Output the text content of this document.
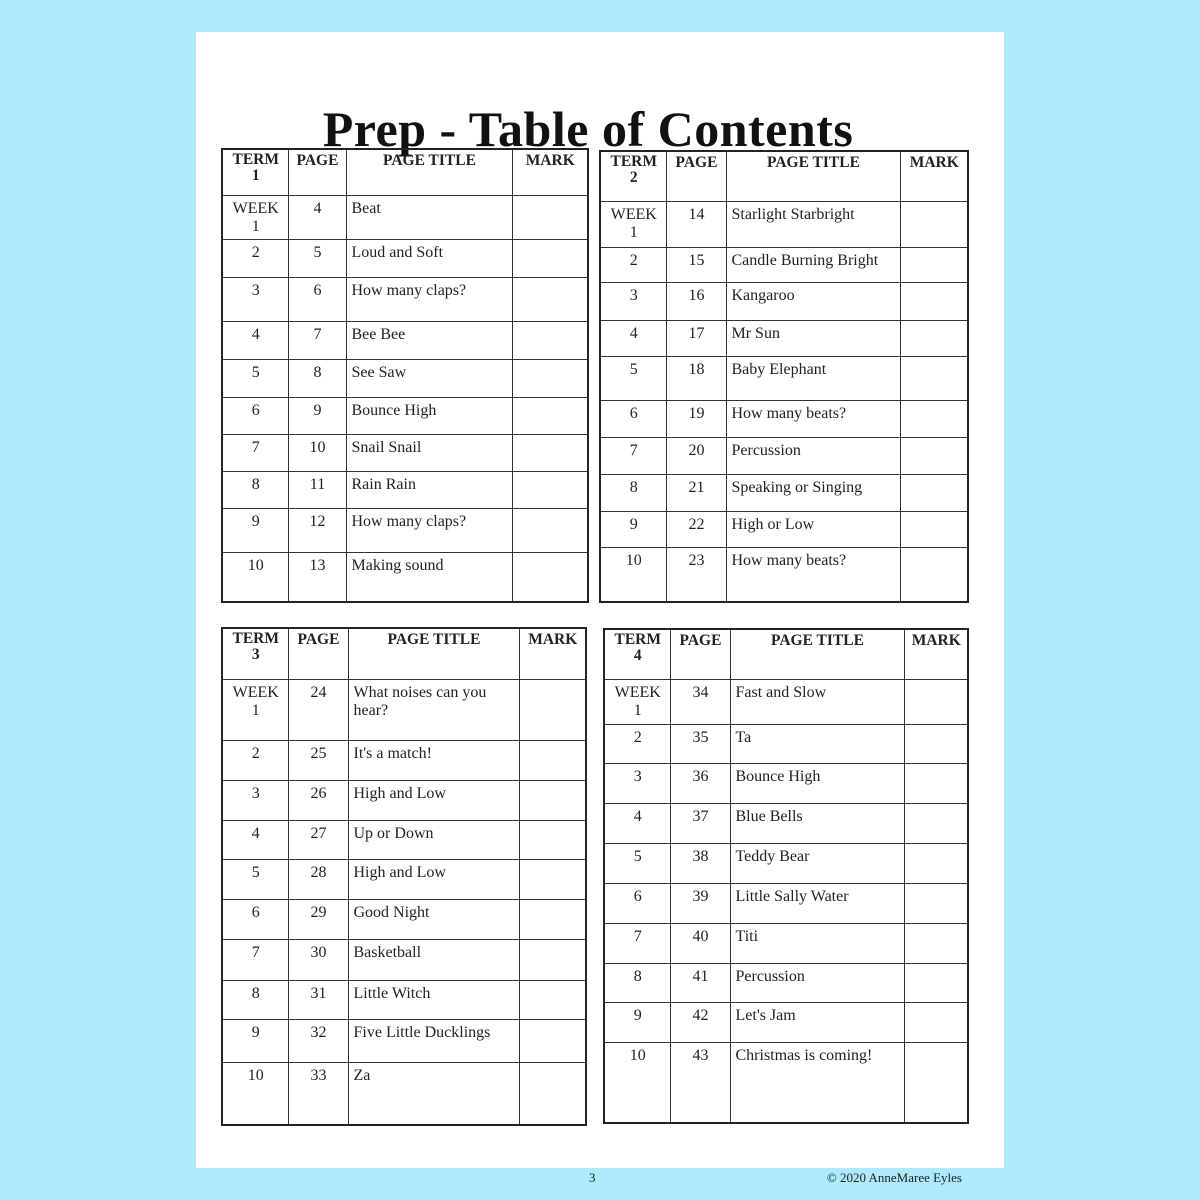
Prep - Table of Contents
TERM 1	PAGE	PAGE TITLE	MARK
WEEK 1	4	Beat	
2	5	Loud and Soft	
3	6	How many claps?	
4	7	Bee Bee	
5	8	See Saw	
6	9	Bounce High	
7	10	Snail Snail	
8	11	Rain Rain	
9	12	How many claps?	
10	13	Making sound	
TERM 2	PAGE	PAGE TITLE	MARK
WEEK 1	14	Starlight Starbright	
2	15	Candle Burning Bright	
3	16	Kangaroo	
4	17	Mr Sun	
5	18	Baby Elephant	
6	19	How many beats?	
7	20	Percussion	
8	21	Speaking or Singing	
9	22	High or Low	
10	23	How many beats?	
TERM 3	PAGE	PAGE TITLE	MARK
WEEK 1	24	What noises can you hear?	
2	25	It's a match!	
3	26	High and Low	
4	27	Up or Down	
5	28	High and Low	
6	29	Good Night	
7	30	Basketball	
8	31	Little Witch	
9	32	Five Little Ducklings	
10	33	Za	
TERM 4	PAGE	PAGE TITLE	MARK
WEEK 1	34	Fast and Slow	
2	35	Ta	
3	36	Bounce High	
4	37	Blue Bells	
5	38	Teddy Bear	
6	39	Little Sally Water	
7	40	Titi	
8	41	Percussion	
9	42	Let's Jam	
10	43	Christmas is coming!	
3	© 2020 AnneMaree Eyles
